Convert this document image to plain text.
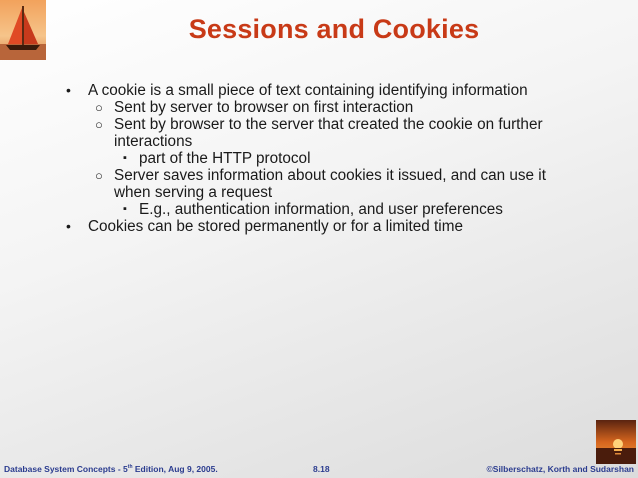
Sessions and Cookies
• A cookie is a small piece of text containing identifying information
○ Sent by server to browser on first interaction
○ Sent by browser to the server that created the cookie on further interactions
▪ part of the HTTP protocol
○ Server saves information about cookies it issued, and can use it when serving a request
▪ E.g., authentication information, and user preferences
• Cookies can be stored permanently or for a limited time
Database System Concepts - 5th Edition, Aug 9, 2005.	8.18	©Silberschatz, Korth and Sudarshan
